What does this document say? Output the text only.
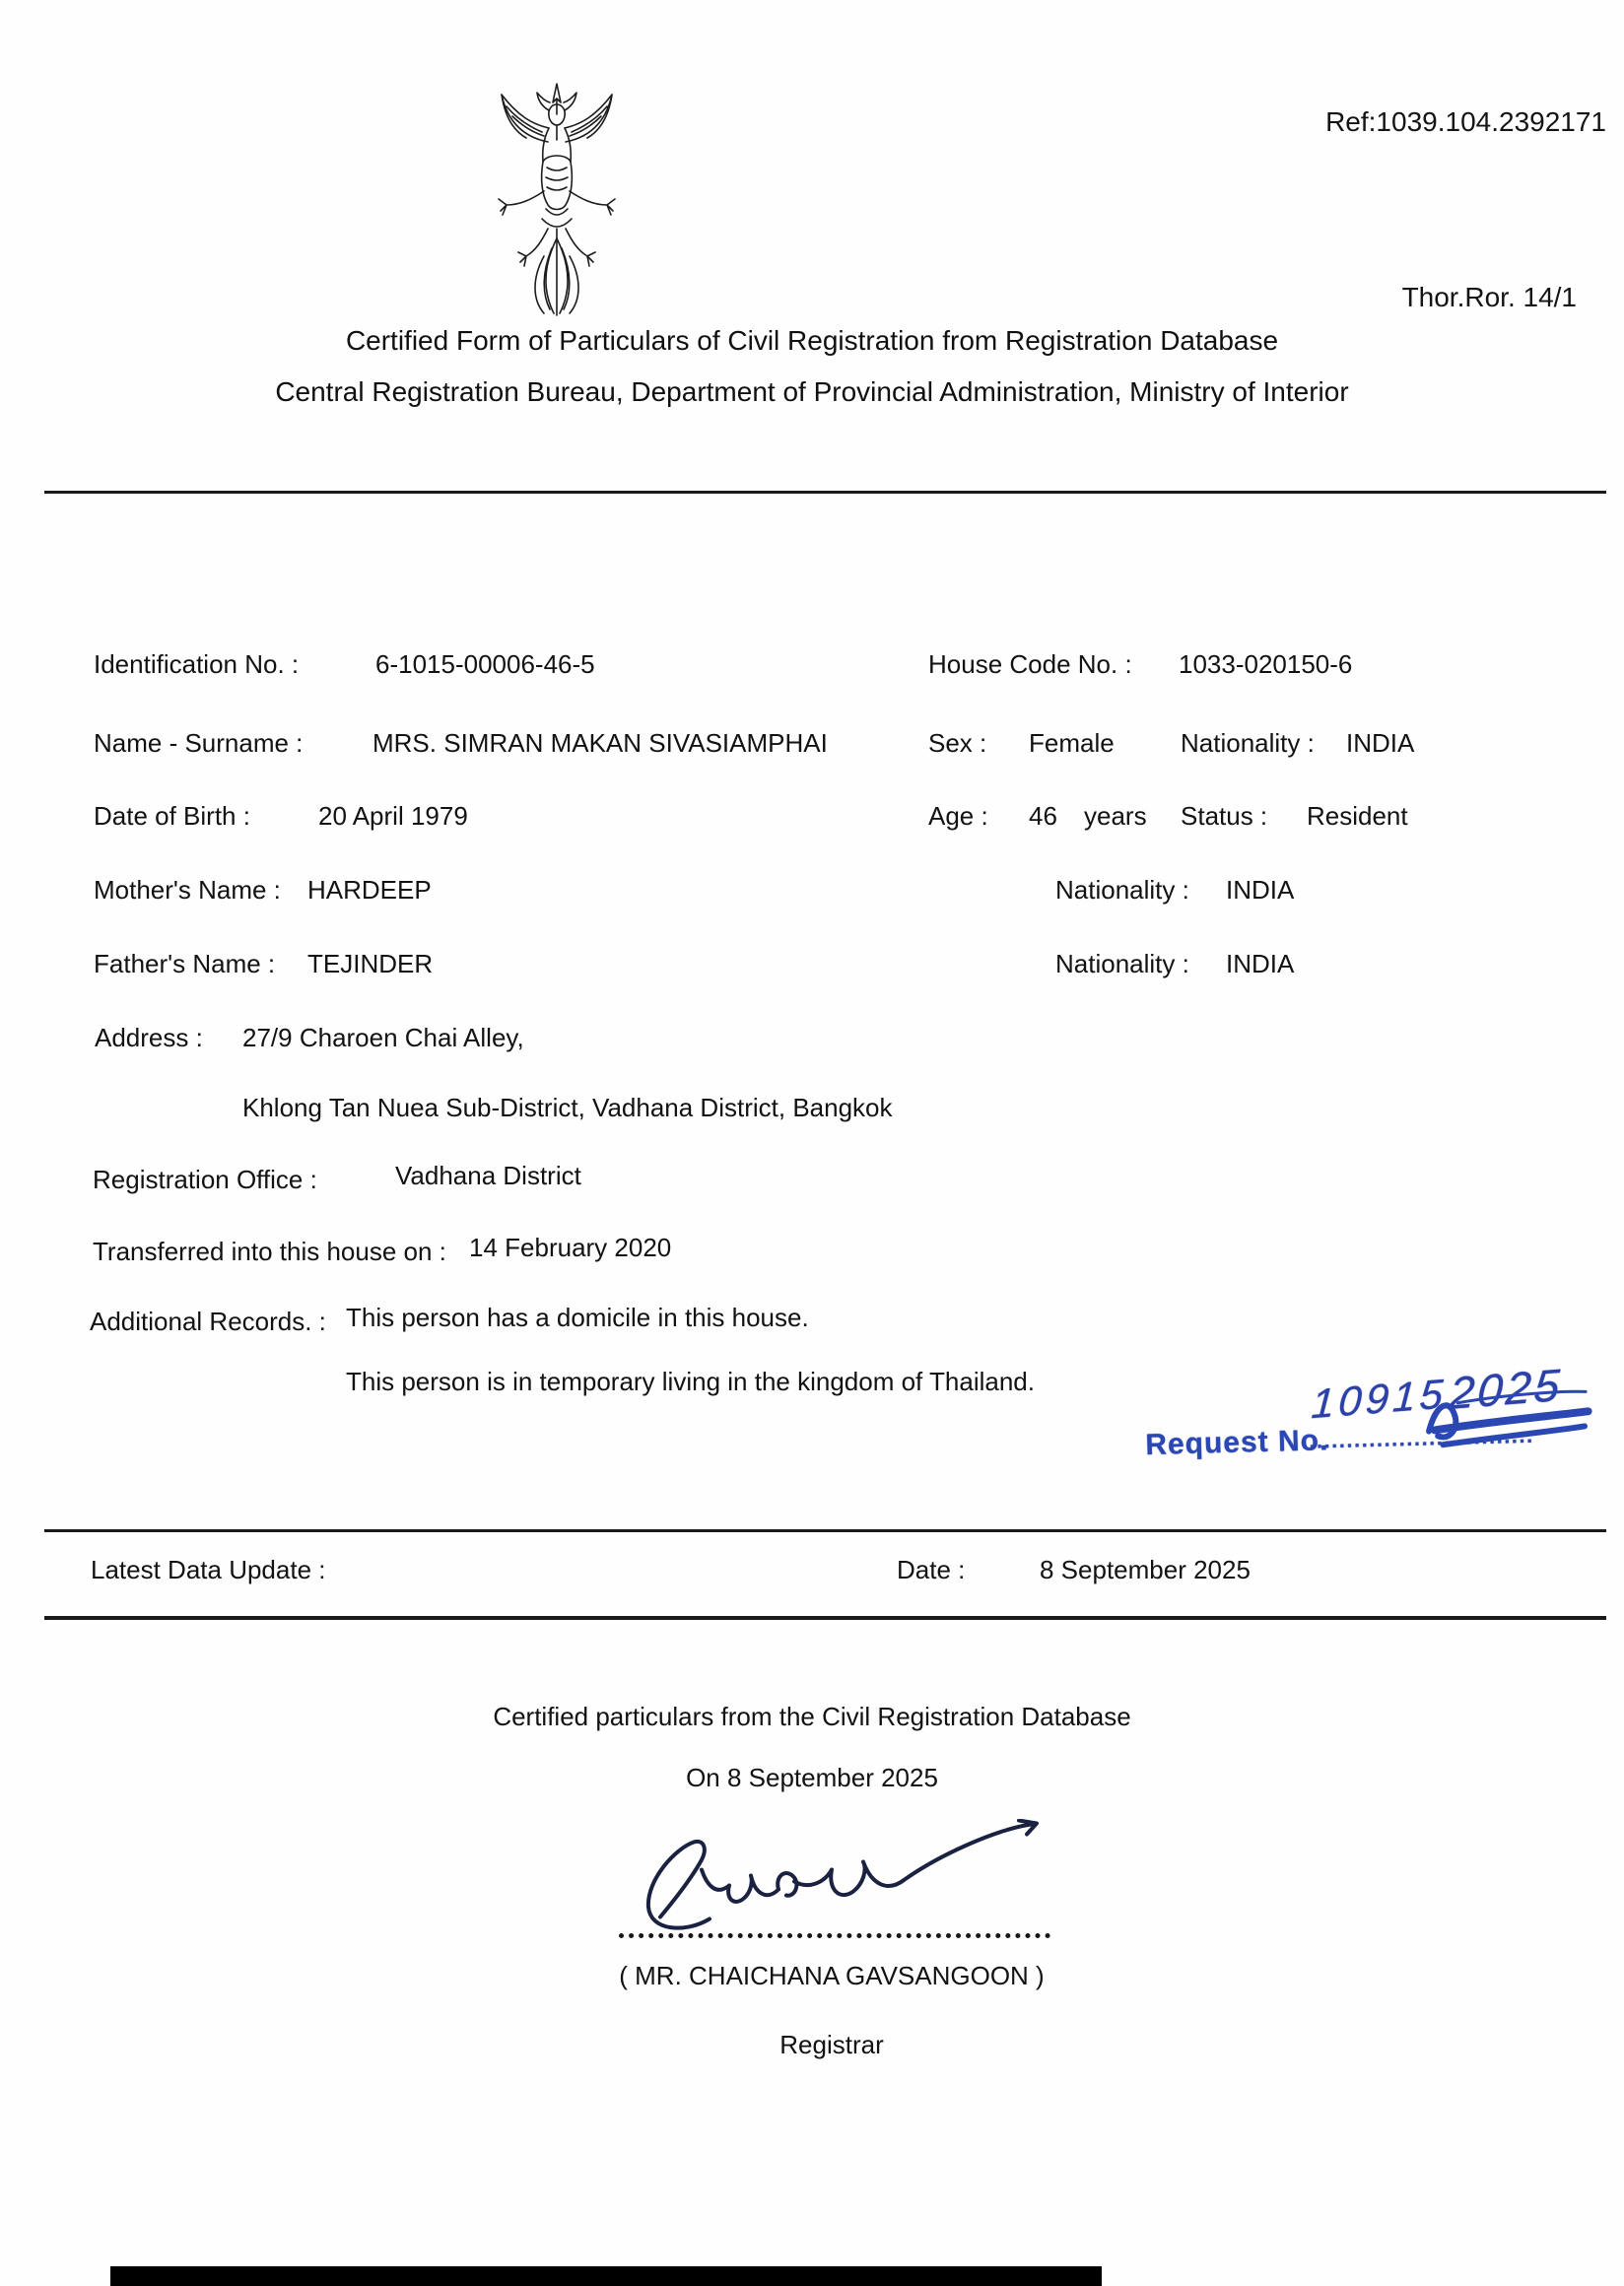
Ref:1039.104.2392171
Thor.Ror. 14/1
Certified Form of Particulars of Civil Registration from Registration Database
Central Registration Bureau, Department of Provincial Administration, Ministry of Interior
Identification No. :	6-1015-00006-46-5	House Code No. : 1033-020150-6
Name - Surname :	MRS. SIMRAN MAKAN SIVASIAMPHAI	Sex : Female	Nationality : INDIA
Date of Birth :	20 April 1979	Age : 46 years Status : Resident
Mother's Name : HARDEEP	Nationality : INDIA
Father's Name : TEJINDER	Nationality : INDIA
Address : 27/9 Charoen Chai Alley,
Khlong Tan Nuea Sub-District, Vadhana District, Bangkok
Registration Office :	Vadhana District
Transferred into this house on : 14 February 2020
Additional Records. : This person has a domicile in this house.
This person is in temporary living in the kingdom of Thailand.
Request No.
..............................
10915 2025
Latest Data Update :	Date :	8 September 2025
Certified particulars from the Civil Registration Database
On 8 September 2025
( MR. CHAICHANA GAVSANGOON )
Registrar
